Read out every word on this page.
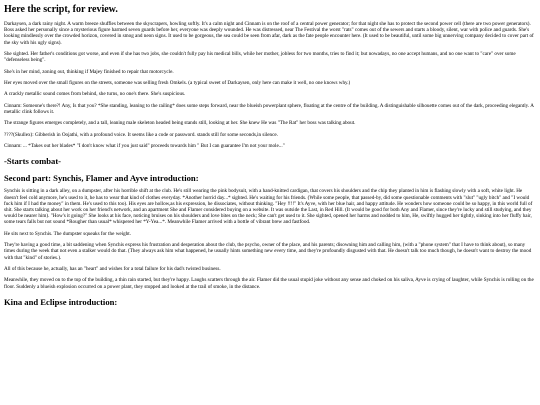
Here the script, for review.

Darkaysen, a dark rainy night. A warm breeze shuffles between the skyscrapers, howling softly. It's a calm night and Cinnam is on the roof of a central power generator; for that night she has to protect the second power cell (there are two power generators). Boss asked her personally since a mysterious figure harmed seven guards before her, everyone was deeply wounded. He was distressed, near The Festival the worst "rats" comes out of the sewers and starts a bloody, silent, war with police and guards. She's looking mindlessly over the crowded horizon, covered in smog and neon signs. It used to be gorgeous, the sea could be seen from afar, dark as the fate people encounter here. (It used to be beautiful, until some big unnerving company decided to cover part of the sky with his ugly signs).

She sighted. Her father's conditions got worse, and even if she has two jobs, she couldn't fully pay his medical bills, while her mother, jobless for two months, tries to find it; but nowadays, no one accept humans, and no one want to "care" over some "defenseless being".

She's in her mind, zoning out, thinking if Majey finished to repair that motorcycle.

Her eyes moved over the small figures on the streets, someone was selling fresh Omkels. (a typical sweet of Darkaysen, only here can make it well, no one knows why.)

A crackly metallic sound comes from behind, she turns, no one's there. She's suspicious.

Cinnam: Someone's there?! Any, Is that you? *She standing, leaning to the railing* does some steps forward, near the blueish powerplant sphere, floating at the centre of the building. A distinguishable silhouette comes out of the dark, proceeding elegantly. A metallic clink follows it.

The strange figures emerges completely, and a tall, leaning male skeleton headed being stands still, looking at her. She knew He was "The Rat" her boss was talking about.

????(Skullex): Gibberish in Oojathi, with a profound voice. It seems like a code or password. stands still for some seconds,in silence.

Cinnam: ... *Takes out her blades* "I don't know what if you just said" proceeds towards him " But I can guarantee I'm not your mole..."

-Starts combat-
Second part: Synchis, Flamer and Ayve introduction:

Synchis is sitting in a dark alley, on a dumpster, after his horrible shift at the club. He's still wearing the pink bodysuit, with a hand-knitted cardigan, that covers his shoulders and the chip they planted in him is flashing slowly with a soft, white light. He doesn't feel cold anymore, he's used to it, he has to wear that kind of clothes everyday. *Another horrid day...* sighted. He's waiting for his friends. (While some people, that passed-by, did some questionable comments with "slut" "ugly bitch" and "I would fuck him if I had the money" in them. He's used to this too). His eyes are hollow,as his expression, he dissociates, without thinking. "Hey !!!!" It's Ayve, with her blue hair, and happy attitude. He wonders how someone could be so happy, in this world full of shit. She starts talking about her work on her friend's network, and an apartment She and Flamer considered buying on a website. It was outside the Last, in Red Hill. (It would be good for both Any and Flamer, since they're lucky and still studying, and they would be nearer him). "How's it going?" She looks at his face, noticing bruises on his shoulders and love bites on the neck; She can't get used to it. She sighted, opened her harms and nodded to him, He, swiftly hugged her tightly, sinking into her fluffy hair, some tears falls but not sound *Rougher than usual* whispered her *Y-Yea...*. Meanwhile Flamer arrived with a bottle of vibrant brew and fastfood.

He sits next to Synchis. The dumpster squeaks for the weight.

They're having a good time, a bit saddening when Synchis express his frustration and desperation about the club, the psycho, owner of the place, and his parents; disowning him and calling him, (with a "phone system" that I have to think about), so many times during the week that not even a stalker would do that. (They always ask him what happened, he usually hints something new every time, and they're profoundly disgusted with that. He doesn't talk too much though, he doesn't want to destroy the mood with that "kind" of stories.).

All of this because he, actually, has an "heart" and wishes for a total failure for his dad's twisted business.

Meanwhile, they moved on to the top of the building, a thin rain started, but they're happy. Laughs scatters through the air. Flamer did the usual stupid joke without any sense and choked on his saliva, Ayve is crying of laughter, while Synchis is rolling on the floor. Suddenly a blueish explosion occurred on a power plant, they stopped and looked at the trail of smoke, in the distance.

Kina and Eclipse introduction:
